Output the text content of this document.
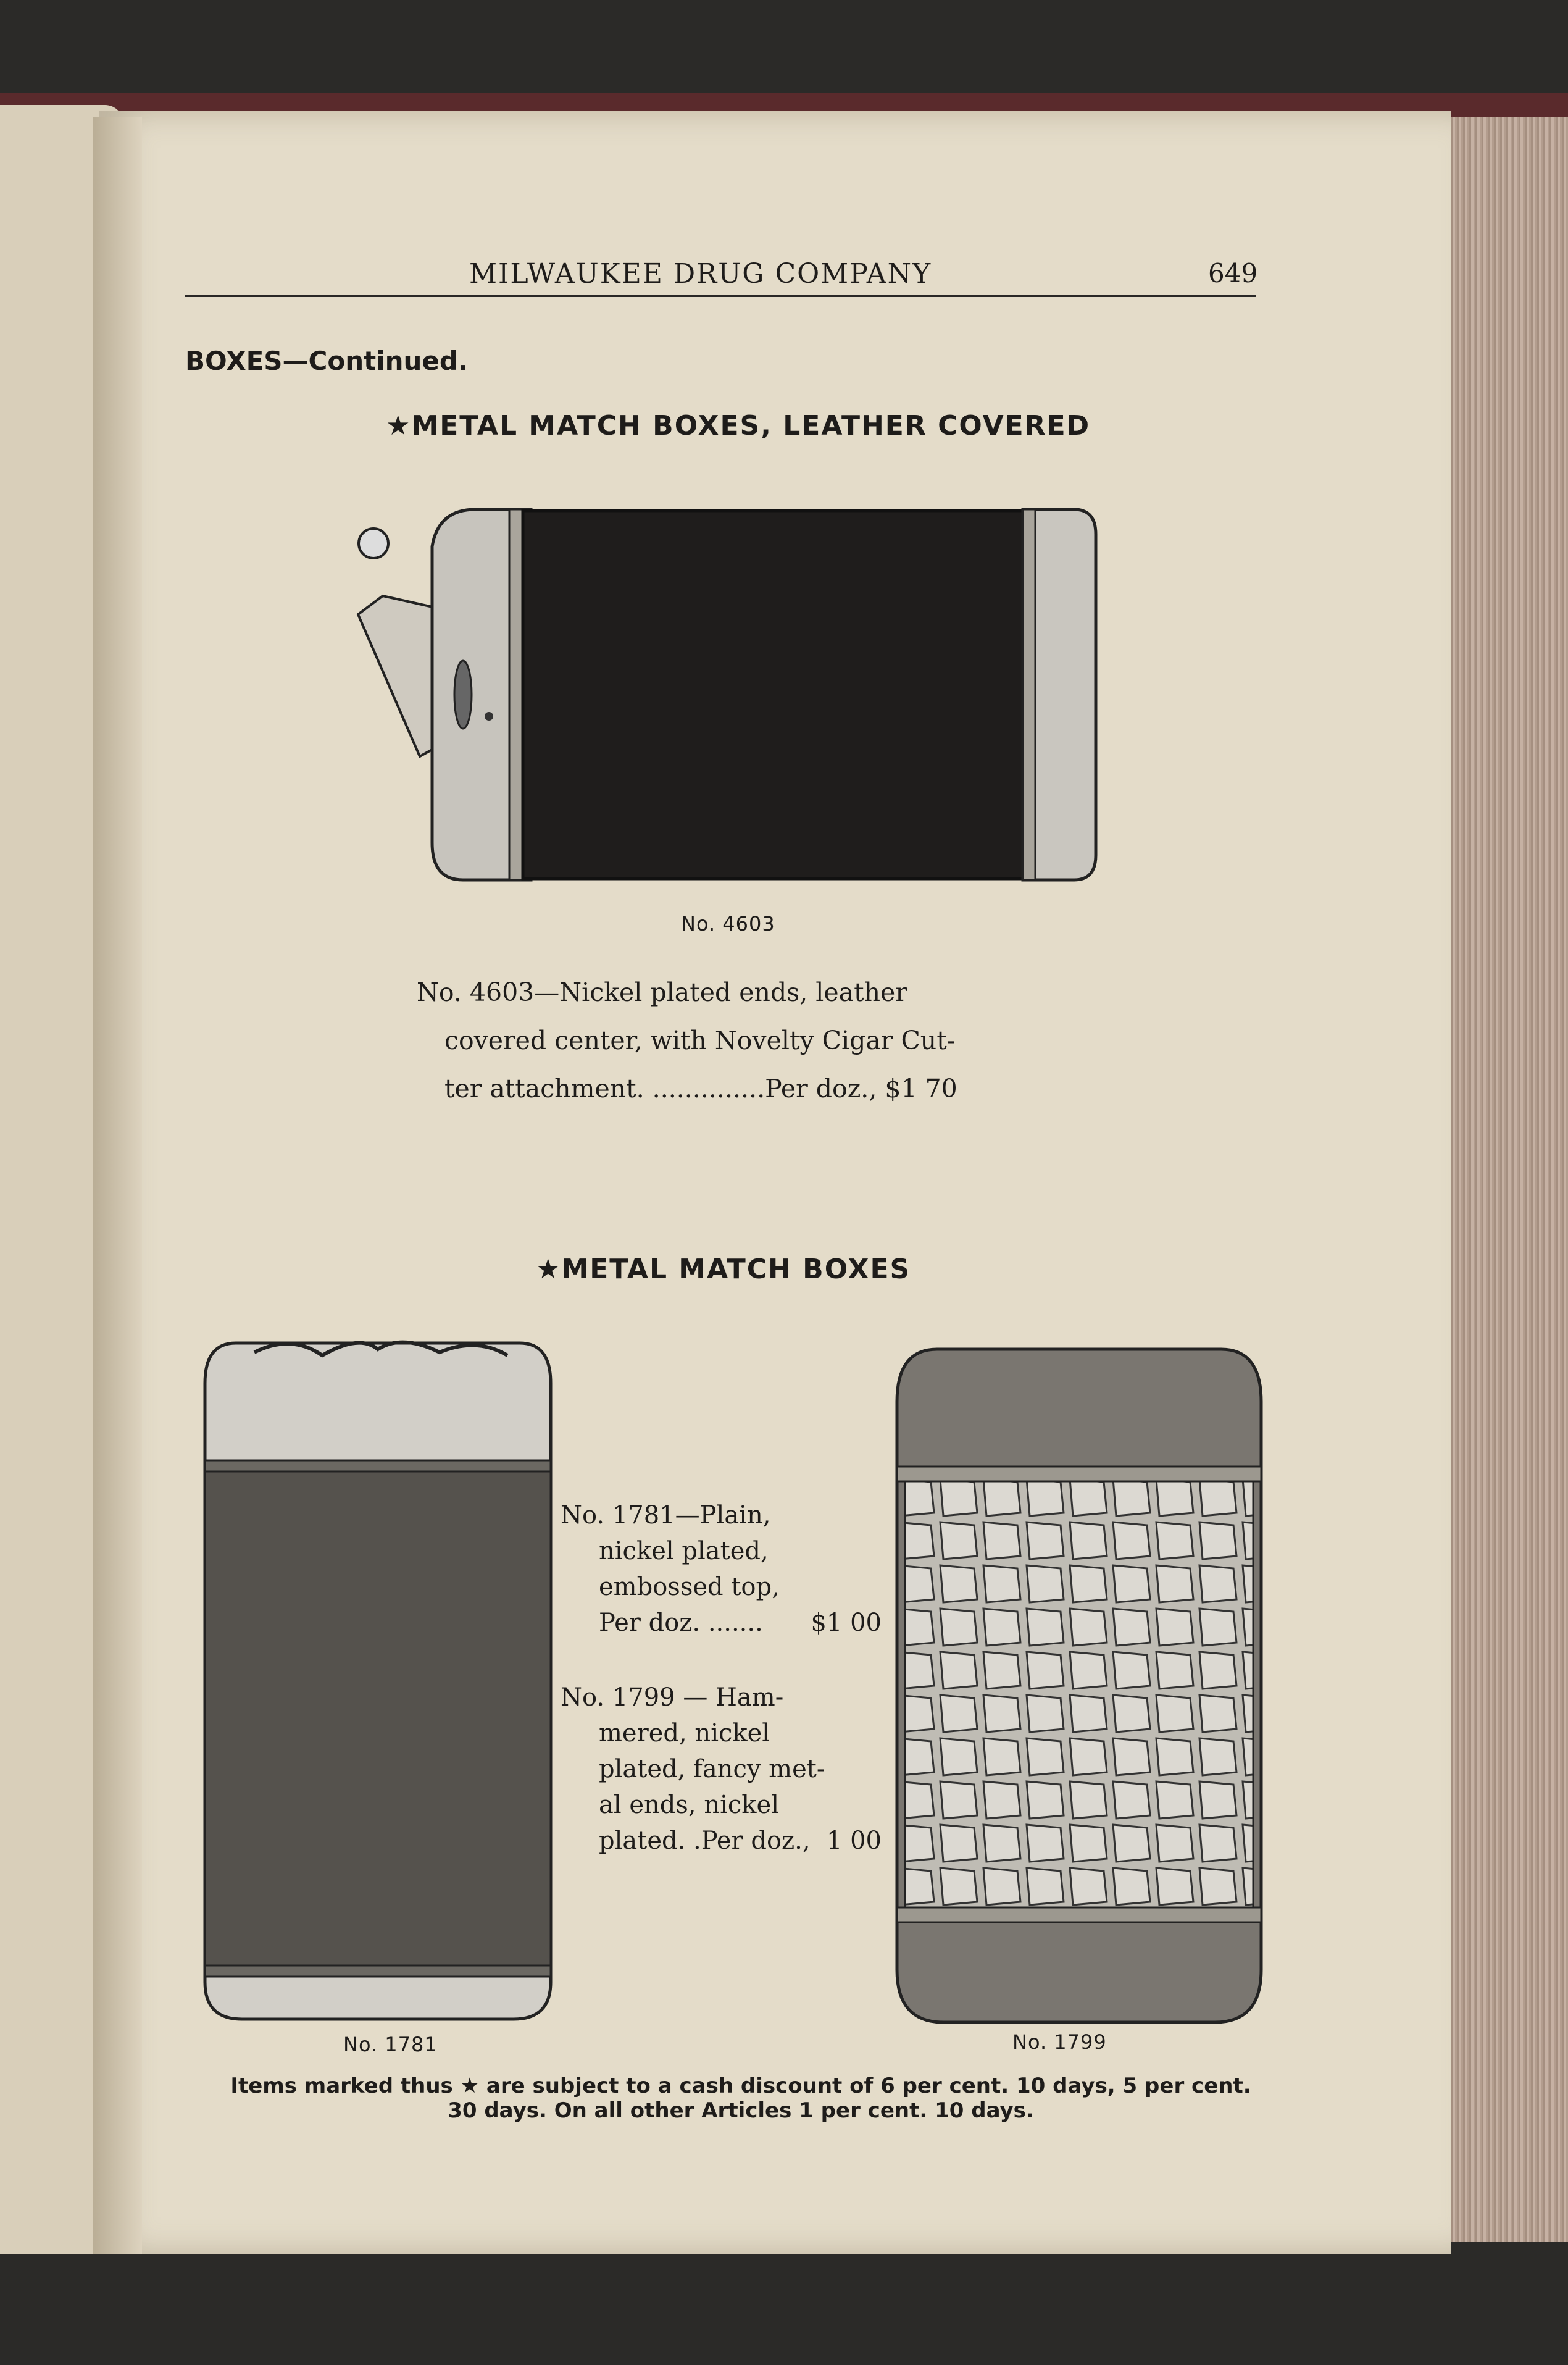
MILWAUKEE DRUG COMPANY	649
BOXES—Continued.
★METAL MATCH BOXES, LEATHER COVERED
No. 4603
No. 4603—Nickel plated ends, leather
covered center, with Novelty Cigar Cut-
ter attachment. ..............Per doz., $1 70
★METAL MATCH BOXES
No. 1781
No. 1781—Plain,
nickel plated,
embossed top,
Per doz. ....... $1 00
No. 1799 — Ham-
mered, nickel
plated, fancy met-
al ends, nickel
plated. .Per doz., 1 00
No. 1799
Items marked thus ★ are subject to a cash discount of 6 per cent. 10 days, 5 per cent.
30 days. On all other Articles 1 per cent. 10 days.
